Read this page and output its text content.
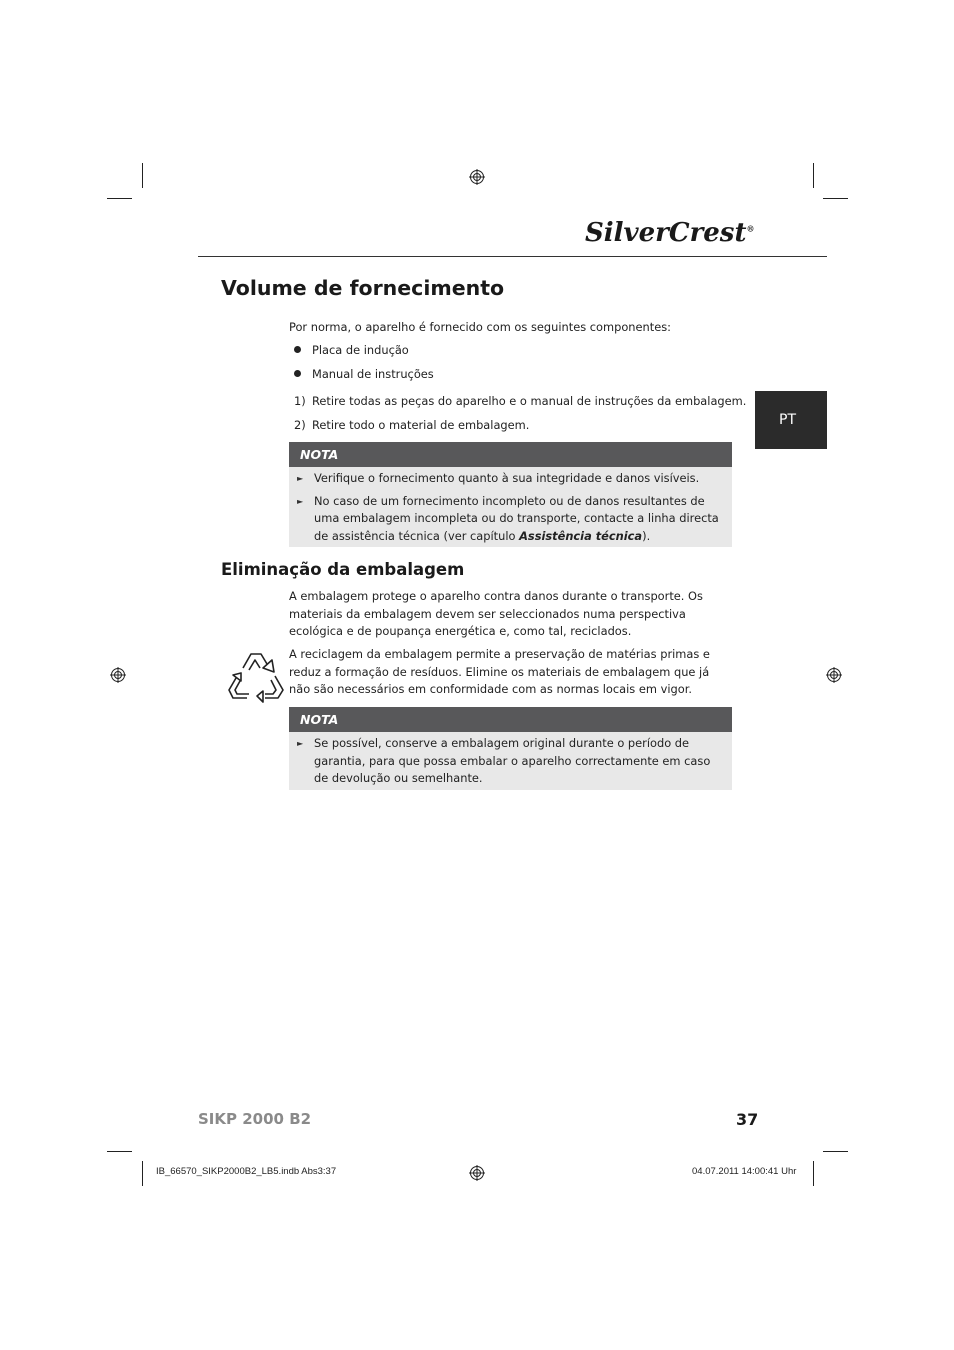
SilverCrest®
PT
Volume de fornecimento
Por norma, o aparelho é fornecido com os seguintes componentes:
Placa de indução
Manual de instruções
1) Retire todas as peças do aparelho e o manual de instruções da embalagem.
2) Retire todo o material de embalagem.
NOTA
► Verifique o fornecimento quanto à sua integridade e danos visíveis.
► No caso de um fornecimento incompleto ou de danos resultantes de uma embalagem incompleta ou do transporte, contacte a linha directa de assistência técnica (ver capítulo Assistência técnica).
Eliminação da embalagem
A embalagem protege o aparelho contra danos durante o transporte. Os materiais da embalagem devem ser seleccionados numa perspectiva ecológica e de poupança energética e, como tal, reciclados.
A reciclagem da embalagem permite a preservação de matérias primas e reduz a formação de resíduos. Elimine os materiais de embalagem que já não são necessários em conformidade com as normas locais em vigor.
NOTA
► Se possível, conserve a embalagem original durante o período de garantia, para que possa embalar o aparelho correctamente em caso de devolução ou semelhante.
SIKP 2000 B2	37
IB_66570_SIKP2000B2_LB5.indb Abs3:37	04.07.2011 14:00:41 Uhr
